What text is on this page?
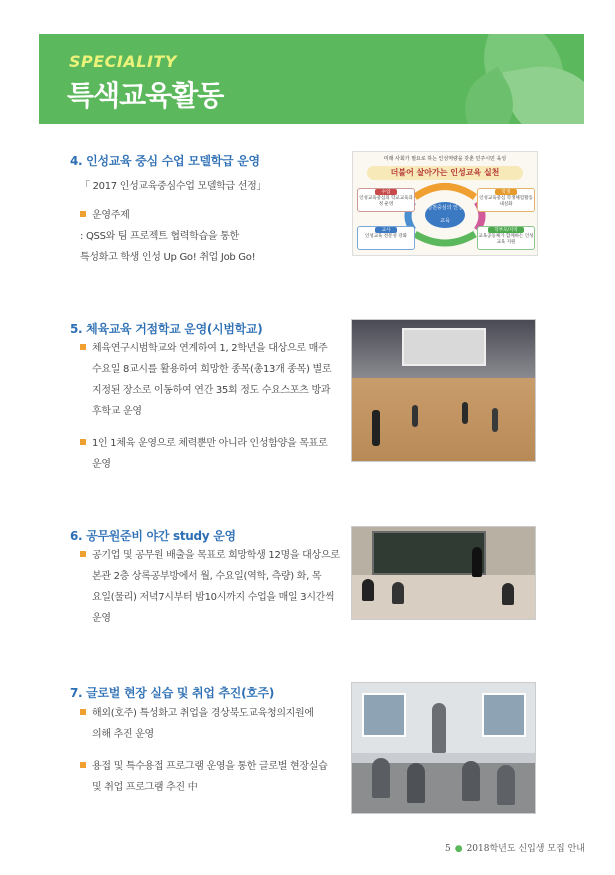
SPECIALITY
특색교육활동
4. 인성교육 중심 수업 모델학급 운영
「 2017 인성교육중심수업 모델학급 선정」
운영주제
: QSS와 팀 프로젝트 협력학습을 통한
특성화고 학생 인성 Up Go! 취업 Job Go!
미래 사회가 필요로 하는 인성역량을 갖춘 민주시민 육성
더불어 살아가는 인성교육 실천
실천중심의 인성교육
수업
인성교육중심의 학교교육과정 운영
학생
인성교육중심 학생체험활동 내실화
교사
인성교육 전문성 강화
학부모/지역
교육공동체가 함께하는 인성교육 지원
5. 체육교육 거점학교 운영(시범학교)
체육연구시범학교와 연계하여 1, 2학년을 대상으로 매주
수요일 8교시를 활용하여 희망한 종목(총13개 종목) 별로
지정된 장소로 이동하여 연간 35회 정도 수요스포츠 방과
후학교 운영
1인 1체육 운영으로 체력뿐만 아니라 인성함양을 목표로
운영
6. 공무원준비 야간 study 운영
공기업 및 공무원 배출을 목표로 희망학생 12명을 대상으로
본관 2층 상록공부방에서 월, 수요일(역학, 측량) 화, 목
요일(물리) 저녁7시부터 밤10시까지 수업을 매일 3시간씩
운영
7. 글로벌 현장 실습 및 취업 추진(호주)
해외(호주) 특성화고 취업을 경상북도교육청의지원에
의해 추진 운영
용접 및 특수용접 프로그램 운영을 통한 글로벌 현장실습
및 취업 프로그램 추진 中
5 ● 2018학년도 신입생 모집 안내
